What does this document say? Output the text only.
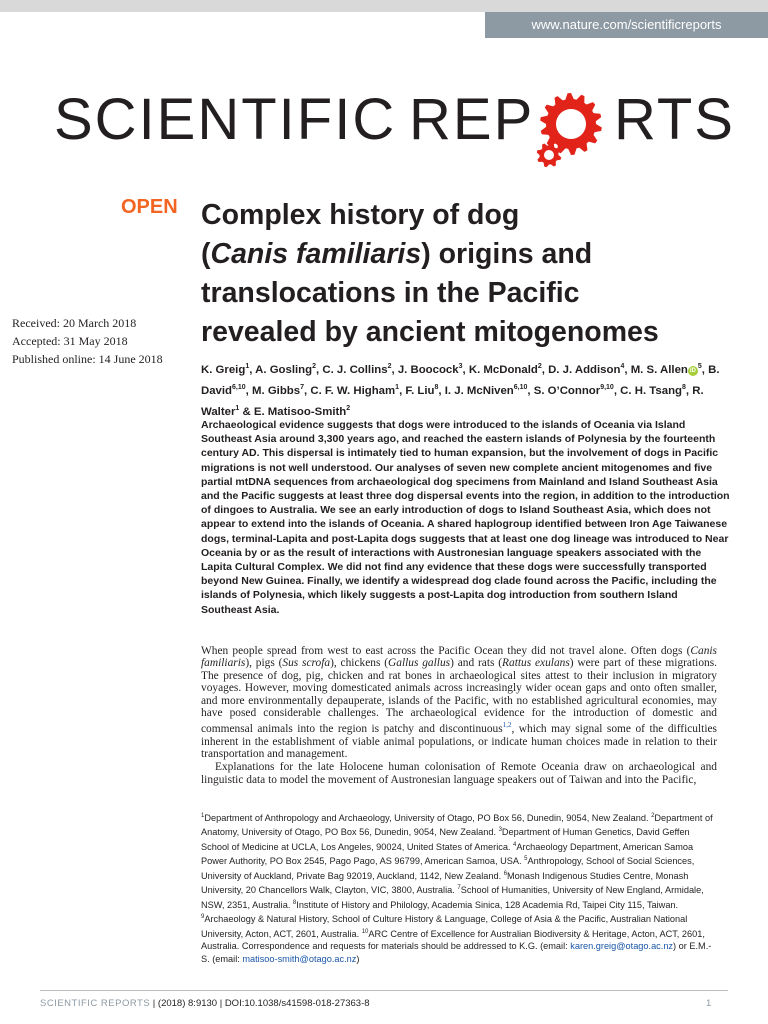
www.nature.com/scientificreports
SCIENTIFIC REP RTS
OPEN
Received: 20 March 2018
Accepted: 31 May 2018
Published online: 14 June 2018
Complex history of dog
(Canis familiaris) origins and
translocations in the Pacific
revealed by ancient mitogenomes
K. Greig$^1$, A. Gosling$^2$, C. J. Collins$^2$, J. Boocock$^3$, K. McDonald$^2$, D. J. Addison$^4$, M. S. Allen $iD^5$, B. David$^{6,10}$, M. Gibbs$^7$, C. F. W. Higham$^1$, F. Liu$^8$, I. J. McNiven$^{6,10}$, S. O’Connor$^{9,10}$, C. H. Tsang$^8$, R. Walter$^1$ & E. Matisoo-Smith$^2$

Archaeological evidence suggests that dogs were introduced to the islands of Oceania via Island Southeast Asia around 3,300 years ago, and reached the eastern islands of Polynesia by the fourteenth century AD. This dispersal is intimately tied to human expansion, but the involvement of dogs in Pacific migrations is not well understood. Our analyses of seven new complete ancient mitogenomes and five partial mtDNA sequences from archaeological dog specimens from Mainland and Island Southeast Asia and the Pacific suggests at least three dog dispersal events into the region, in addition to the introduction of dingoes to Australia. We see an early introduction of dogs to Island Southeast Asia, which does not appear to extend into the islands of Oceania. A shared haplogroup identified between Iron Age Taiwanese dogs, terminal-Lapita and post-Lapita dogs suggests that at least one dog lineage was introduced to Near Oceania by or as the result of interactions with Austronesian language speakers associated with the Lapita Cultural Complex. We did not find any evidence that these dogs were successfully transported beyond New Guinea. Finally, we identify a widespread dog clade found across the Pacific, including the islands of Polynesia, which likely suggests a post-Lapita dog introduction from southern Island Southeast Asia.

When people spread from west to east across the Pacific Ocean they did not travel alone. Often dogs (Canis familiaris), pigs (Sus scrofa), chickens (Gallus gallus) and rats (Rattus exulans) were part of these migrations. The presence of dog, pig, chicken and rat bones in archaeological sites attest to their inclusion in migratory voyages. However, moving domesticated animals across increasingly wider ocean gaps and onto often smaller, and more environmentally depauperate, islands of the Pacific, with no established agricultural economies, may have posed considerable challenges. The archaeological evidence for the introduction of domestic and commensal animals into the region is patchy and discontinuous$^{1,2}$, which may signal some of the difficulties inherent in the establishment of viable animal populations, or indicate human choices made in relation to their transportation and management.

Explanations for the late Holocene human colonisation of Remote Oceania draw on archaeological and linguistic data to model the movement of Austronesian language speakers out of Taiwan and into the Pacific,

$^1$Department of Anthropology and Archaeology, University of Otago, PO Box 56, Dunedin, 9054, New Zealand. $^2$Department of Anatomy, University of Otago, PO Box 56, Dunedin, 9054, New Zealand. $^3$Department of Human Genetics, David Geffen School of Medicine at UCLA, Los Angeles, 90024, United States of America. $^4$Archaeology Department, American Samoa Power Authority, PO Box 2545, Pago Pago, AS 96799, American Samoa, USA. $^5$Anthropology, School of Social Sciences, University of Auckland, Private Bag 92019, Auckland, 1142, New Zealand. $^6$Monash Indigenous Studies Centre, Monash University, 20 Chancellors Walk, Clayton, VIC, 3800, Australia. $^7$School of Humanities, University of New England, Armidale, NSW, 2351, Australia. $^8$Institute of History and Philology, Academia Sinica, 128 Academia Rd, Taipei City 115, Taiwan. $^9$Archaeology & Natural History, School of Culture History & Language, College of Asia & the Pacific, Australian National University, Acton, ACT, 2601, Australia. $^{10}$ARC Centre of Excellence for Australian Biodiversity & Heritage, Acton, ACT, 2601, Australia. Correspondence and requests for materials should be addressed to K.G. (email: karen.greig@otago.ac.nz) or E.M.-S. (email: matisoo-smith@otago.ac.nz)
SCIENTIFIC REPORTS | (2018) 8:9130 | DOI:10.1038/s41598-018-27363-8	1
